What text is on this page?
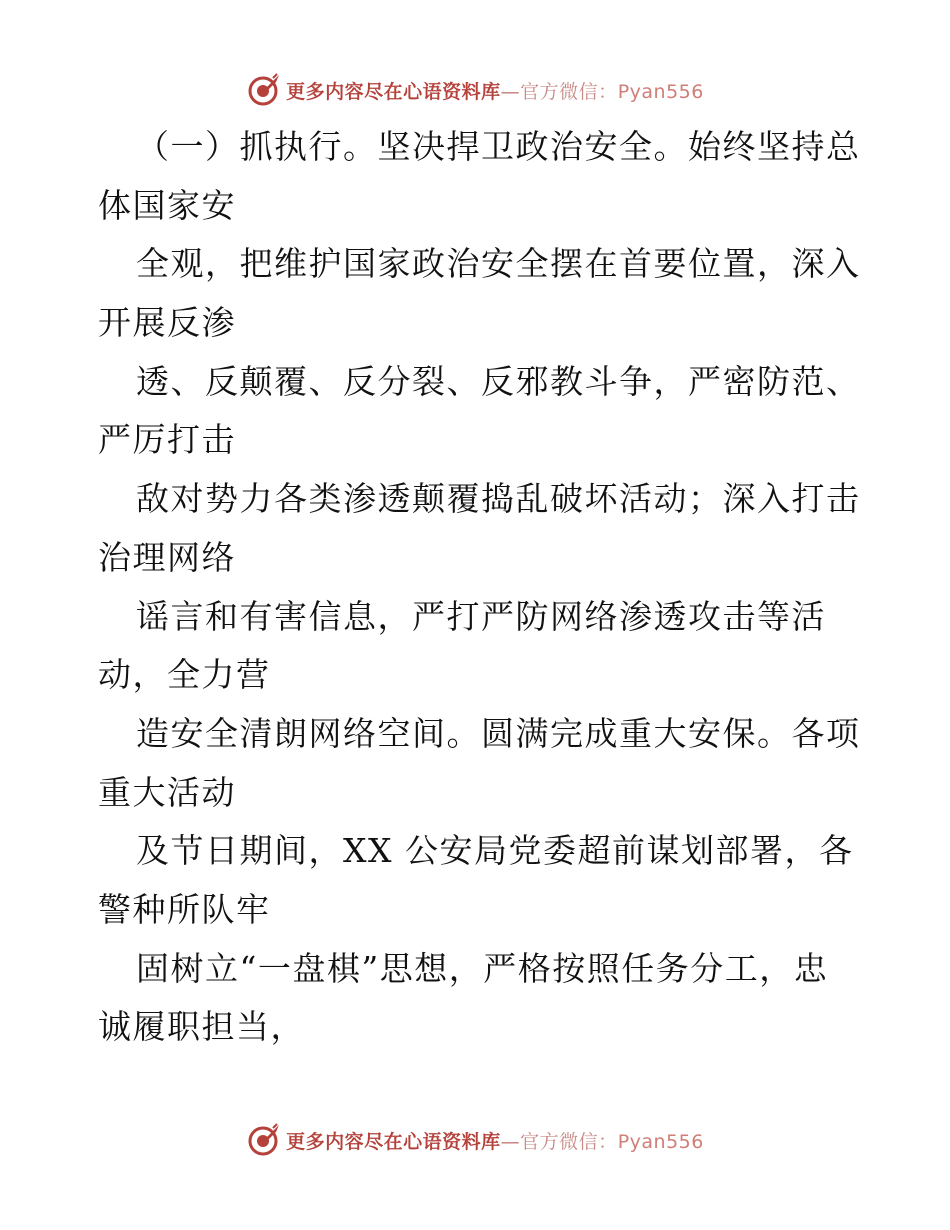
更多内容尽在心语资料库—官方微信：Pyan556
（一）抓执行。坚决捍卫政治安全。始终坚持总
体国家安
全观，把维护国家政治安全摆在首要位置，深入
开展反渗
透、反颠覆、反分裂、反邪教斗争，严密防范、
严厉打击
敌对势力各类渗透颠覆捣乱破坏活动；深入打击
治理网络
谣言和有害信息，严打严防网络渗透攻击等活
动，全力营
造安全清朗网络空间。圆满完成重大安保。各项
重大活动
及节日期间，XX 公安局党委超前谋划部署，各
警种所队牢
固树立“一盘棋”思想，严格按照任务分工，忠
诚履职担当，
更多内容尽在心语资料库—官方微信：Pyan556
